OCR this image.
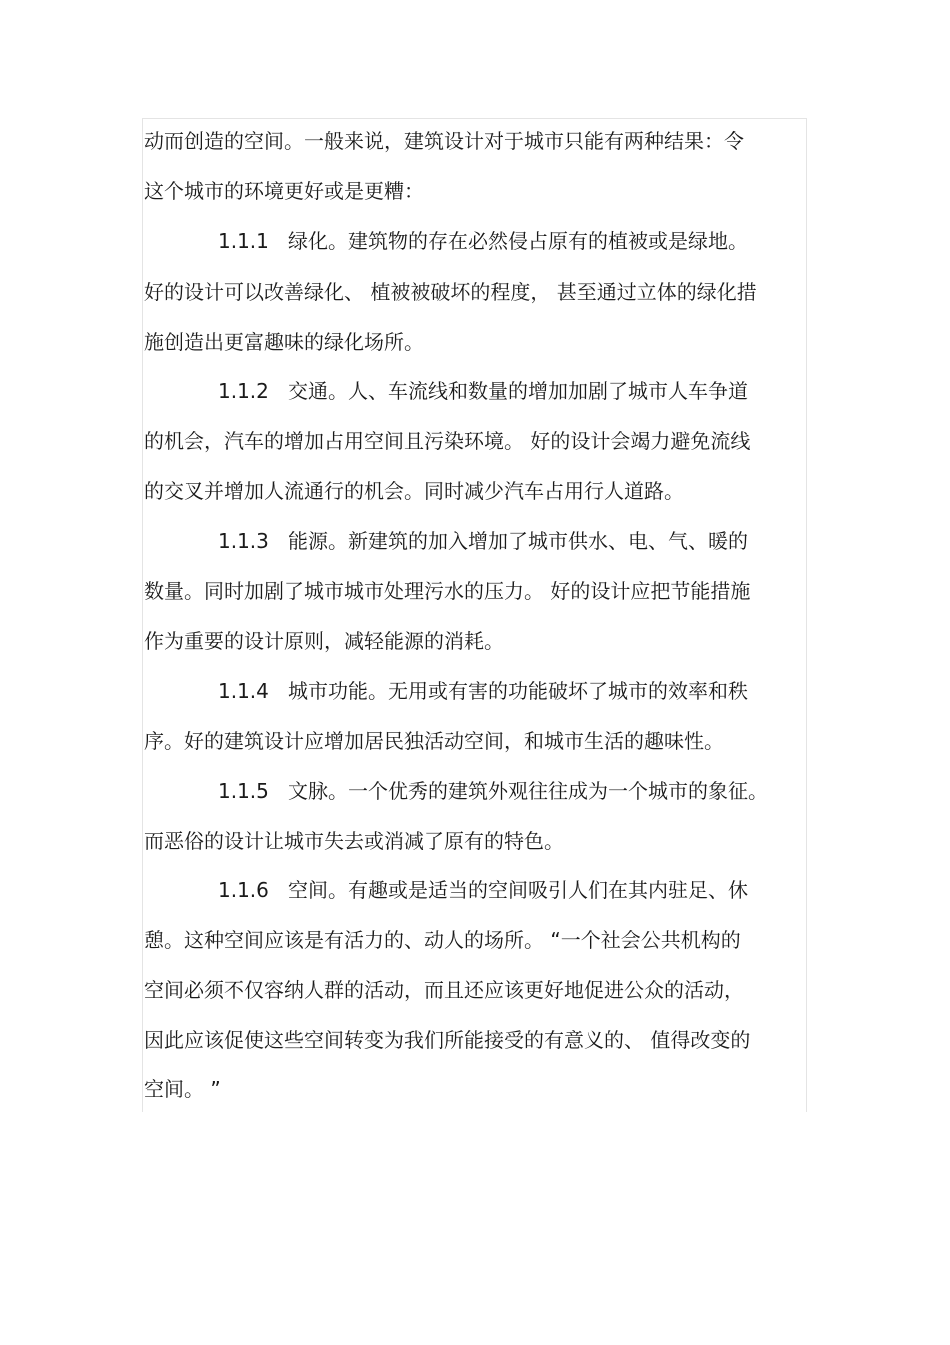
动而创造的空间。一般来说，建筑设计对于城市只能有两种结果：令
这个城市的环境更好或是更糟：
1.1.1 绿化。建筑物的存在必然侵占原有的植被或是绿地。
好的设计可以改善绿化、 植被被破坏的程度， 甚至通过立体的绿化措
施创造出更富趣味的绿化场所。
1.1.2 交通。人、车流线和数量的增加加剧了城市人车争道
的机会，汽车的增加占用空间且污染环境。 好的设计会竭力避免流线
的交叉并增加人流通行的机会。同时减少汽车占用行人道路。
1.1.3 能源。新建筑的加入增加了城市供水、电、气、暖的
数量。同时加剧了城市城市处理污水的压力。 好的设计应把节能措施
作为重要的设计原则，减轻能源的消耗。
1.1.4 城市功能。无用或有害的功能破坏了城市的效率和秩
序。好的建筑设计应增加居民独活动空间，和城市生活的趣味性。
1.1.5 文脉。一个优秀的建筑外观往往成为一个城市的象征。
而恶俗的设计让城市失去或消减了原有的特色。
1.1.6 空间。有趣或是适当的空间吸引人们在其内驻足、休
憩。这种空间应该是有活力的、动人的场所。 “一个社会公共机构的
空间必须不仅容纳人群的活动，而且还应该更好地促进公众的活动，
因此应该促使这些空间转变为我们所能接受的有意义的、 值得改变的
空间。 ”
